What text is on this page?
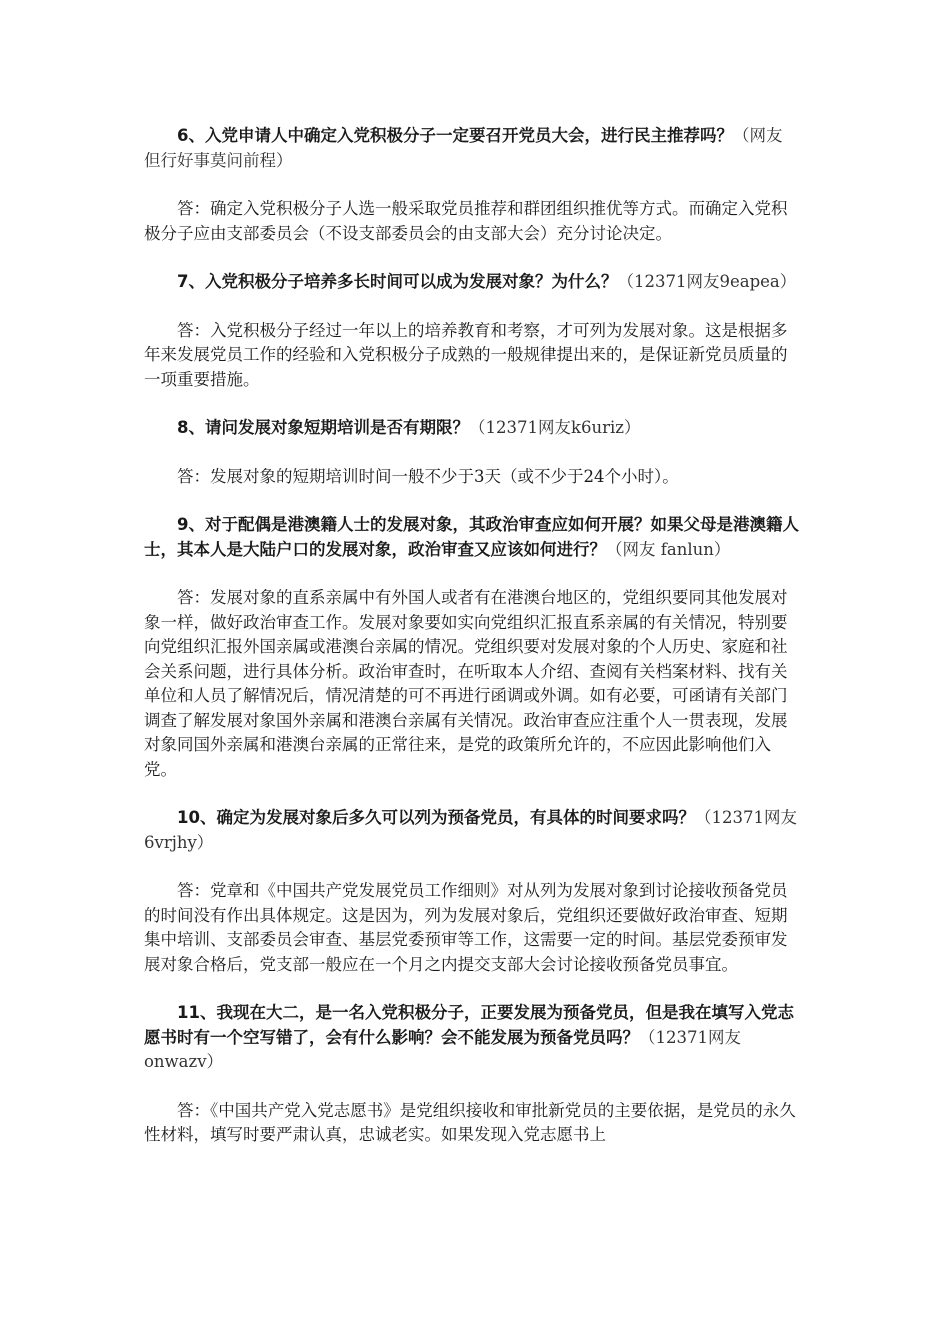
6、入党申请人中确定入党积极分子一定要召开党员大会，进行民主推荐吗？（网友　但行好事莫问前程）

答：确定入党积极分子人选一般采取党员推荐和群团组织推优等方式。而确定入党积极分子应由支部委员会（不设支部委员会的由支部大会）充分讨论决定。

7、入党积极分子培养多长时间可以成为发展对象？为什么？（12371网友9eapea）

答：入党积极分子经过一年以上的培养教育和考察，才可列为发展对象。这是根据多年来发展党员工作的经验和入党积极分子成熟的一般规律提出来的，是保证新党员质量的一项重要措施。

8、请问发展对象短期培训是否有期限？（12371网友k6uriz）

答：发展对象的短期培训时间一般不少于3天（或不少于24个小时）。

9、对于配偶是港澳籍人士的发展对象，其政治审查应如何开展？如果父母是港澳籍人士，其本人是大陆户口的发展对象，政治审查又应该如何进行？（网友 fanlun）

答：发展对象的直系亲属中有外国人或者有在港澳台地区的，党组织要同其他发展对象一样，做好政治审查工作。发展对象要如实向党组织汇报直系亲属的有关情况，特别要向党组织汇报外国亲属或港澳台亲属的情况。党组织要对发展对象的个人历史、家庭和社会关系问题，进行具体分析。政治审查时，在听取本人介绍、查阅有关档案材料、找有关单位和人员了解情况后，情况清楚的可不再进行函调或外调。如有必要，可函请有关部门调查了解发展对象国外亲属和港澳台亲属有关情况。政治审查应注重个人一贯表现，发展对象同国外亲属和港澳台亲属的正常往来，是党的政策所允许的，不应因此影响他们入党。

10、确定为发展对象后多久可以列为预备党员，有具体的时间要求吗？（12371网友6vrjhy）

答：党章和《中国共产党发展党员工作细则》对从列为发展对象到讨论接收预备党员的时间没有作出具体规定。这是因为，列为发展对象后，党组织还要做好政治审查、短期集中培训、支部委员会审查、基层党委预审等工作，这需要一定的时间。基层党委预审发展对象合格后，党支部一般应在一个月之内提交支部大会讨论接收预备党员事宜。

11、我现在大二，是一名入党积极分子，正要发展为预备党员，但是我在填写入党志愿书时有一个空写错了，会有什么影响？会不能发展为预备党员吗？（12371网友onwazv）

答：《中国共产党入党志愿书》是党组织接收和审批新党员的主要依据，是党员的永久性材料，填写时要严肃认真，忠诚老实。如果发现入党志愿书上
